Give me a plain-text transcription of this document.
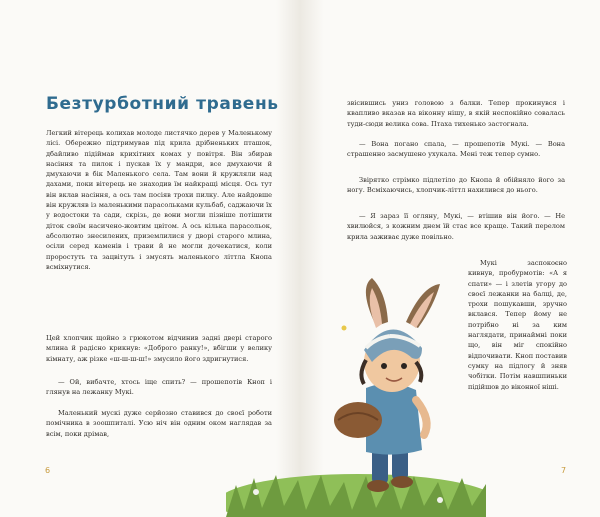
Безтурботний травень

Легкий вітерець колихав молоде листячко дерев у Маленькому лісі. Обережно підтримував під крила дрібненьких пташок, дбайливо підіймав крихітних комах у повітря. Він збирав насіння та пилок і пускав їх у мандри, все дмухаючи й дмухаючи в бік Маленького села. Там вони й кружляли над дахами, поки вітерець не знаходив їм найкращі місця. Ось тут він вклав насіння, а ось там посіяв трохи пилку. Але найдовше він кружляв із маленькими парасольками кульбаб, саджаючи їх у водостоки та сади, скрізь, де вони могли пізніше потішити діток своїм насичено-жовтим цвітом. А ось кілька парасольок, абсолютно знесилених, приземлилися у дворі старого млина, осіли серед каменів і трави й не могли дочекатися, коли проростуть та зацвітуть і змусять маленького літтла Кнопа всміхнутися.

Цей хлопчик щойно з грюкотом відчинив задні двері старого млина й радісно крикнув: «Доброго ранку!», вбігши у велику кімнату, аж різке «ш-ш-ш-ш!» змусило його здригнутися.

— Ой, вибачте, хтось іще спить? — прошепотів Кноп і глянув на лежанку Мукі.

Маленький мускі дуже серйозно ставився до своєї роботи помічника в зоошпиталі. Усю ніч він одним оком наглядав за всім, поки дрімав,

6

звісившись униз головою з балки. Тепер прокинувся і квапливо вказав на віконну нішу, в якій неспокійно совалась туди-сюди велика сова. Птаха тихенько застогнала.

— Вона погано спала, — прошепотів Мукі. — Вона страшенно засмушено ухукала. Мені теж тепер сумно.

Звірятко стрімко підлетіло до Кнопа й обійняло його за ногу. Всміхаючись, хлопчик-літтл нахилився до нього.

— Я зараз її огляну, Мукі, — втішив він його. — Не хвилюйся, з кожним днем їй стає все краще. Такий перелом крила заживає дуже повільно.

Мукі заспокоєно кивнув, пробурмотів: «А я спати» — і злетів угору до своєї лежанки на балці, де, трохи пошукавши, зручно вклався. Тепер йому не потрібно ні за ким наглядати, принаймні поки що, він міг спокійно відпочивати. Кноп поставив сумку на підлогу й зняв чобітки. Потім навшпиньки підійшов до віконної ніші.

7
